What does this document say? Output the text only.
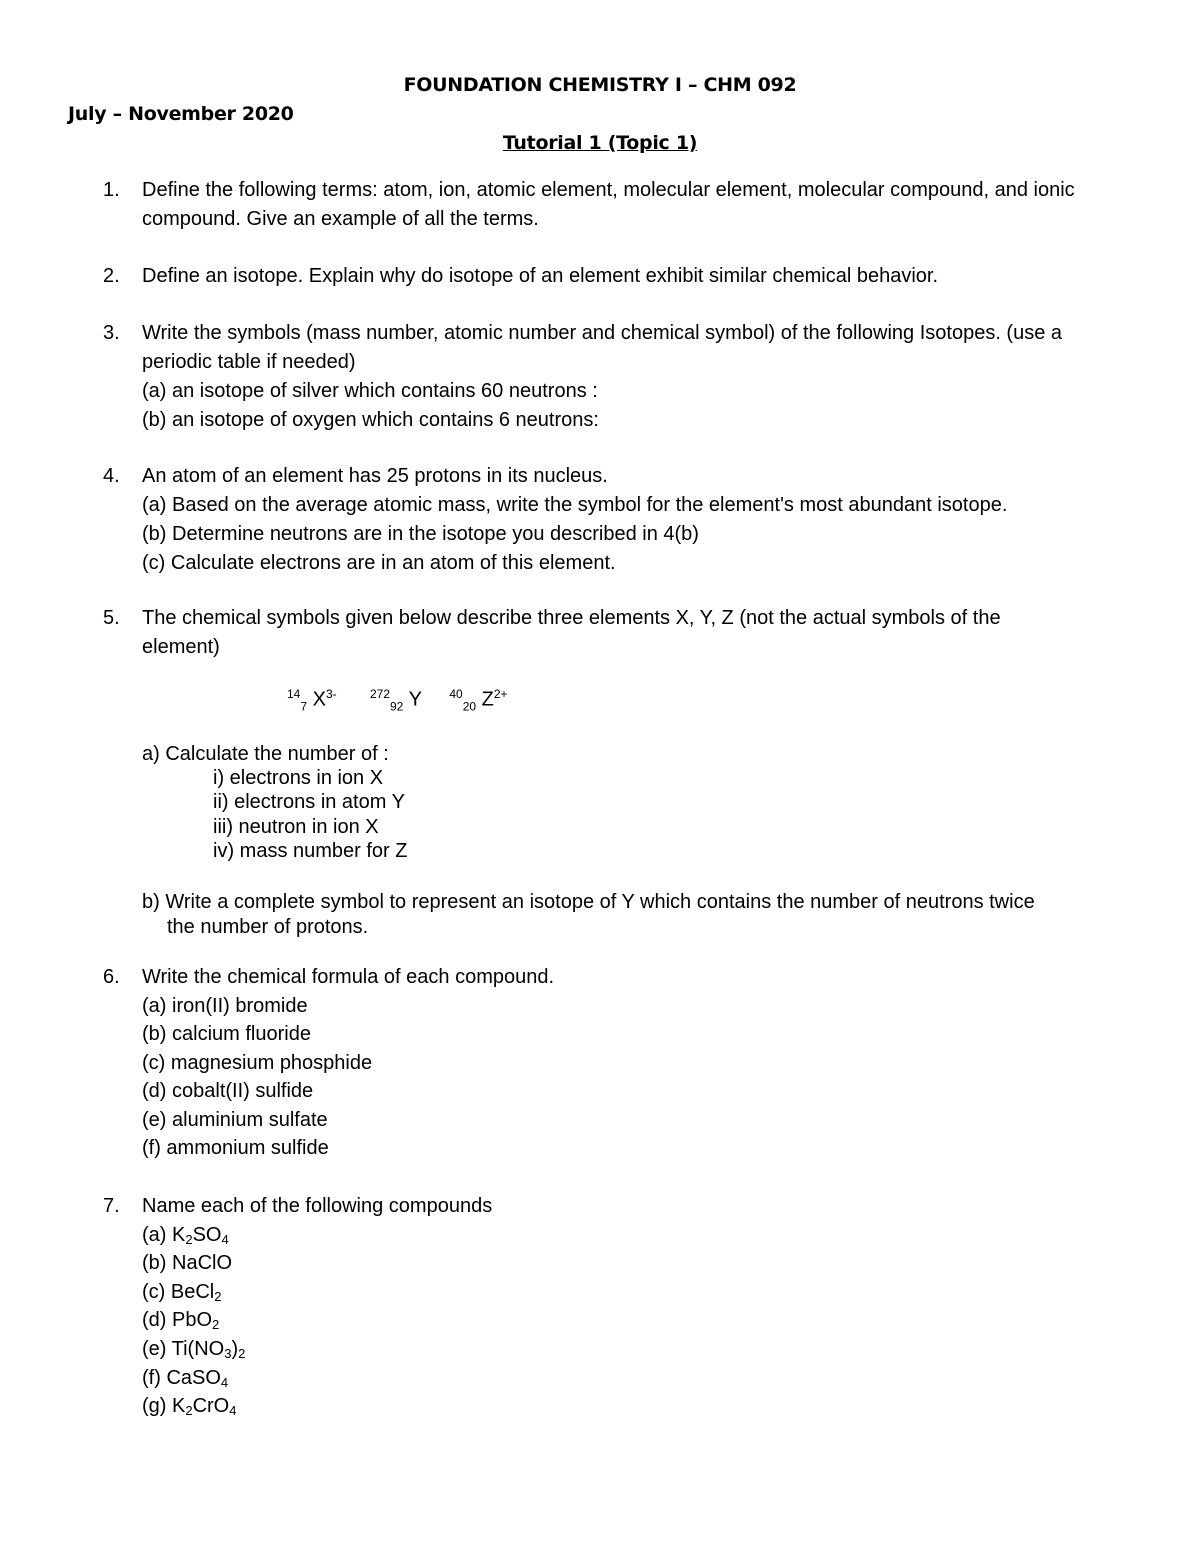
FOUNDATION CHEMISTRY I – CHM 092
July – November 2020
Tutorial 1 (Topic 1)
1. Define the following terms: atom, ion, atomic element, molecular element, molecular compound, and ionic
compound. Give an example of all the terms.
2. Define an isotope. Explain why do isotope of an element exhibit similar chemical behavior.
3. Write the symbols (mass number, atomic number and chemical symbol) of the following Isotopes. (use a
periodic table if needed)
(a) an isotope of silver which contains 60 neutrons :
(b) an isotope of oxygen which contains 6 neutrons:
4. An atom of an element has 25 protons in its nucleus.
(a) Based on the average atomic mass, write the symbol for the element's most abundant isotope.
(b) Determine neutrons are in the isotope you described in 4(b)
(c) Calculate electrons are in an atom of this element.
5. The chemical symbols given below describe three elements X, Y, Z (not the actual symbols of the
element)
$^{14}_7$ $X^{3-}$	$^{272}_{92}$ Y $^{40}_{20}$ $Z^{2+}$
a) Calculate the number of :
i) electrons in ion X
ii) electrons in atom Y
iii) neutron in ion X
iv) mass number for Z
b) Write a complete symbol to represent an isotope of Y which contains the number of neutrons twice
the number of protons.
6. Write the chemical formula of each compound.
(a) iron(II) bromide
(b) calcium fluoride
(c) magnesium phosphide
(d) cobalt(II) sulfide
(e) aluminium sulfate
(f) ammonium sulfide
7. Name each of the following compounds
(a) $K_2SO_4$
(b) NaClO
(c) BeCl$_2$
(d) PbO$_2$
(e) $Ti(NO_3)_2$
(f) CaSO$_4$
(g) $K_2CrO_4$
